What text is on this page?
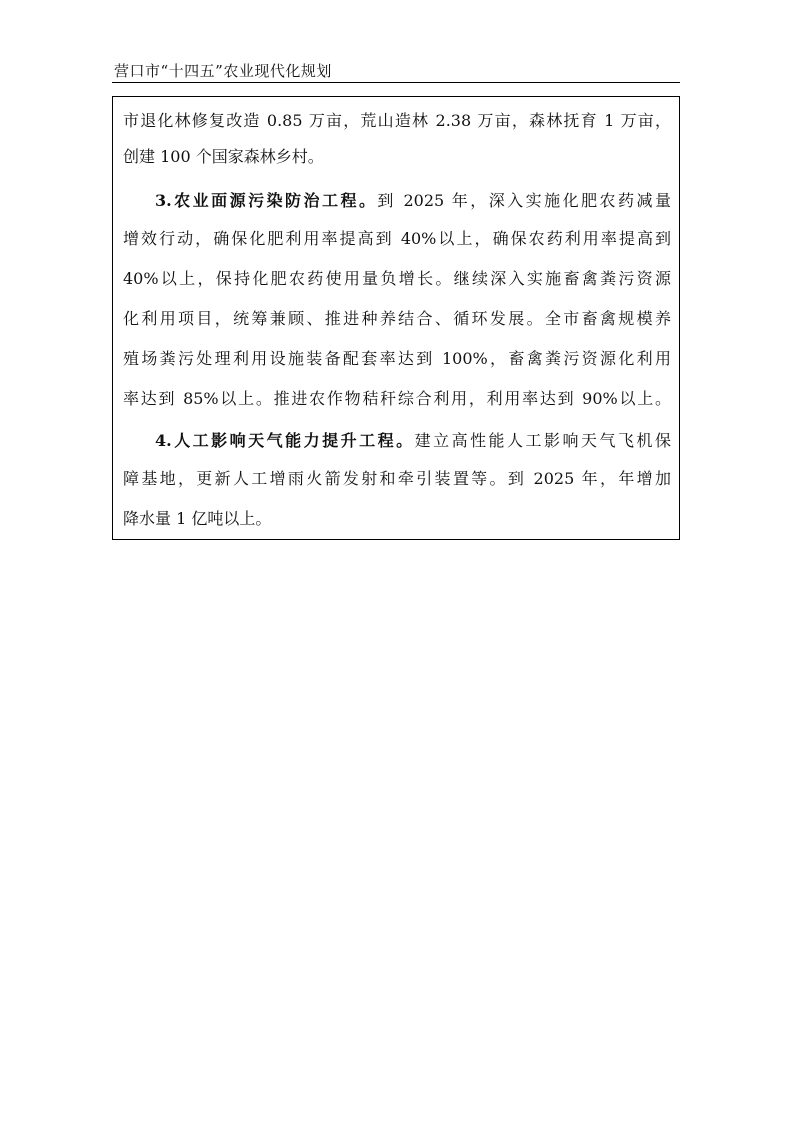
营口市“十四五”农业现代化规划
市退化林修复改造 0.85 万亩，荒山造林 2.38 万亩，森林抚育 1 万亩，
创建 100 个国家森林乡村。
3.农业面源污染防治工程。到 2025 年，深入实施化肥农药减量
增效行动，确保化肥利用率提高到 40%以上，确保农药利用率提高到
40%以上，保持化肥农药使用量负增长。继续深入实施畜禽粪污资源
化利用项目，统筹兼顾、推进种养结合、循环发展。全市畜禽规模养
殖场粪污处理利用设施装备配套率达到 100%，畜禽粪污资源化利用
率达到 85%以上。推进农作物秸秆综合利用，利用率达到 90%以上。
4.人工影响天气能力提升工程。建立高性能人工影响天气飞机保
障基地，更新人工增雨火箭发射和牵引装置等。到 2025 年，年增加
降水量 1 亿吨以上。
